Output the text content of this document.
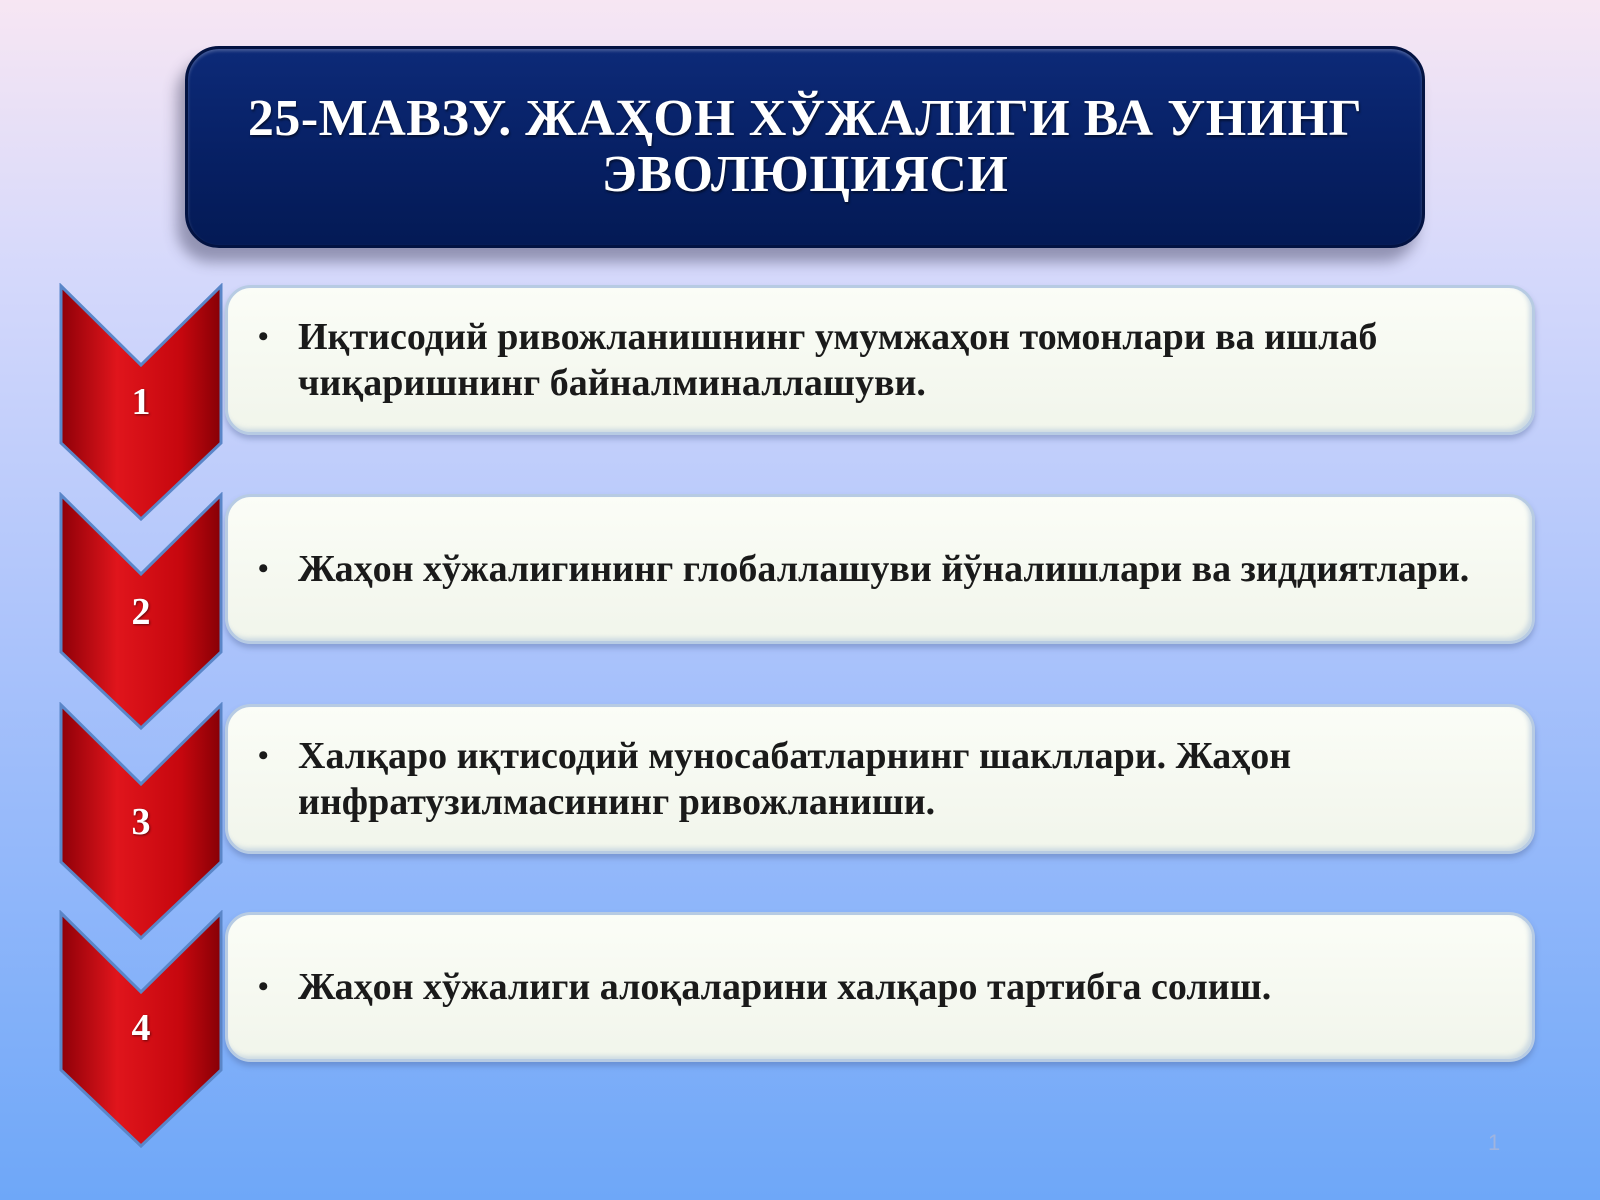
25-МАВЗУ. ЖАҲОН ХЎЖАЛИГИ ВА УНИНГ ЭВОЛЮЦИЯСИ

1
• Иқтисодий ривожланишнинг умумжаҳон томонлари ва ишлаб чиқаришнинг байналминаллашуви.
2
• Жаҳон хўжалигининг глобаллашуви йўналишлари ва зиддиятлари.
3
• Халқаро иқтисодий муносабатларнинг шакллари. Жаҳон инфратузилмасининг ривожланиши.
4
• Жаҳон хўжалиги алоқаларини халқаро тартибга солиш.
1
